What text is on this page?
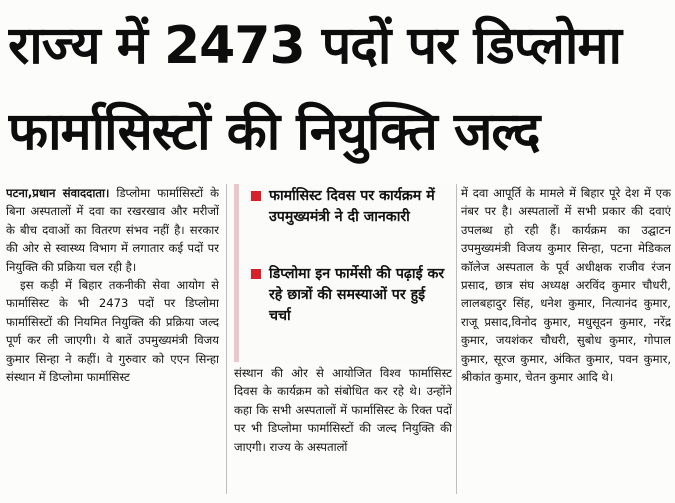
राज्य में 2473 पदों पर डिप्लोमा
फार्मासिस्टों की नियुक्ति जल्द

पटना,प्रधान संवाददाता। डिप्लोमा फार्मासिस्टों के बिना अस्पतालों में दवा का रखरखाव और मरीजों के बीच दवाओं का वितरण संभव नहीं है। सरकार की ओर से स्वास्थ्य विभाग में लगातार कई पदों पर नियुक्ति की प्रक्रिया चल रही है।

इस कड़ी में बिहार तकनीकी सेवा आयोग से फार्मासिस्ट के भी 2473 पदों पर डिप्लोमा फार्मासिस्टों की नियमित नियुक्ति की प्रक्रिया जल्द पूर्ण कर ली जाएगी। ये बातें उपमुख्यमंत्री विजय कुमार सिन्हा ने कहीं। वे गुरुवार को एएन सिन्हा संस्थान में डिप्लोमा फार्मासिस्ट

फार्मासिस्ट दिवस पर कार्यक्रम में उपमुख्यमंत्री ने दी जानकारी
डिप्लोमा इन फार्मेसी की पढ़ाई कर रहे छात्रों की समस्याओं पर हुई चर्चा

संस्थान की ओर से आयोजित विश्व फार्मासिस्ट दिवस के कार्यक्रम को संबोधित कर रहे थे। उन्होंने कहा कि सभी अस्पतालों में फार्मासिस्ट के रिक्त पदों पर भी डिप्लोमा फार्मासिस्टों की जल्द नियुक्ति की जाएगी। राज्य के अस्पतालों

में दवा आपूर्ति के मामले में बिहार पूरे देश में एक नंबर पर है। अस्पतालों में सभी प्रकार की दवाएं उपलब्ध हो रही हैं। कार्यक्रम का उद्घाटन उपमुख्यमंत्री विजय कुमार सिन्हा, पटना मेडिकल कॉलेज अस्पताल के पूर्व अधीक्षक राजीव रंजन प्रसाद, छात्र संघ अध्यक्ष अरविंद कुमार चौधरी, लालबहादुर सिंह, धनेश कुमार, नित्यानंद कुमार, राजू प्रसाद,विनोद कुमार, मधुसूदन कुमार, नरेंद्र कुमार, जयशंकर चौधरी, सुबोध कुमार, गोपाल कुमार, सूरज कुमार, अंकित कुमार, पवन कुमार, श्रीकांत कुमार, चेतन कुमार आदि थे।
